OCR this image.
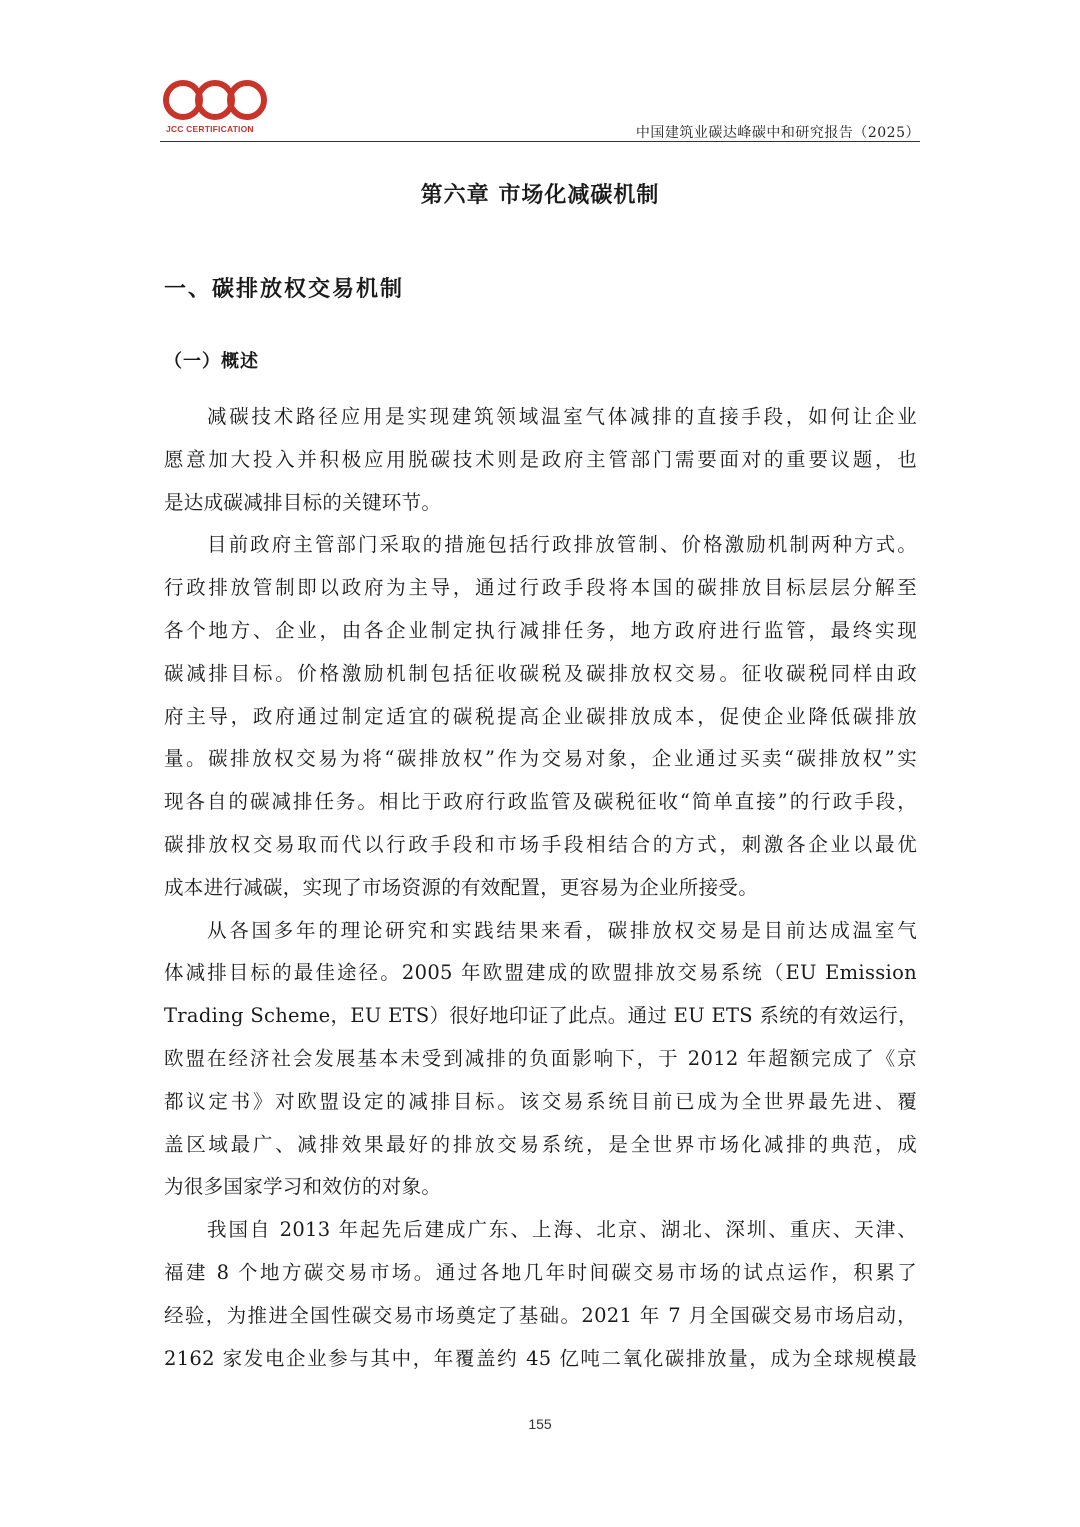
JCC CERTIFICATION	中国建筑业碳达峰碳中和研究报告（2025）
第六章 市场化减碳机制
一、碳排放权交易机制
（一）概述
减碳技术路径应用是实现建筑领域温室气体减排的直接手段，如何让企业
愿意加大投入并积极应用脱碳技术则是政府主管部门需要面对的重要议题，也
是达成碳减排目标的关键环节。
目前政府主管部门采取的措施包括行政排放管制、价格激励机制两种方式。
行政排放管制即以政府为主导，通过行政手段将本国的碳排放目标层层分解至
各个地方、企业，由各企业制定执行减排任务，地方政府进行监管，最终实现
碳减排目标。价格激励机制包括征收碳税及碳排放权交易。征收碳税同样由政
府主导，政府通过制定适宜的碳税提高企业碳排放成本，促使企业降低碳排放
量。碳排放权交易为将“碳排放权”作为交易对象，企业通过买卖“碳排放权”实
现各自的碳减排任务。相比于政府行政监管及碳税征收“简单直接”的行政手段，
碳排放权交易取而代以行政手段和市场手段相结合的方式，刺激各企业以最优
成本进行减碳，实现了市场资源的有效配置，更容易为企业所接受。
从各国多年的理论研究和实践结果来看，碳排放权交易是目前达成温室气
体减排目标的最佳途径。2005 年欧盟建成的欧盟排放交易系统（EU Emission
Trading Scheme，EU ETS）很好地印证了此点。通过 EU ETS 系统的有效运行，
欧盟在经济社会发展基本未受到减排的负面影响下，于 2012 年超额完成了《京
都议定书》对欧盟设定的减排目标。该交易系统目前已成为全世界最先进、覆
盖区域最广、减排效果最好的排放交易系统，是全世界市场化减排的典范，成
为很多国家学习和效仿的对象。
我国自 2013 年起先后建成广东、上海、北京、湖北、深圳、重庆、天津、
福建 8 个地方碳交易市场。通过各地几年时间碳交易市场的试点运作，积累了
经验，为推进全国性碳交易市场奠定了基础。2021 年 7 月全国碳交易市场启动，
2162 家发电企业参与其中，年覆盖约 45 亿吨二氧化碳排放量，成为全球规模最
155
